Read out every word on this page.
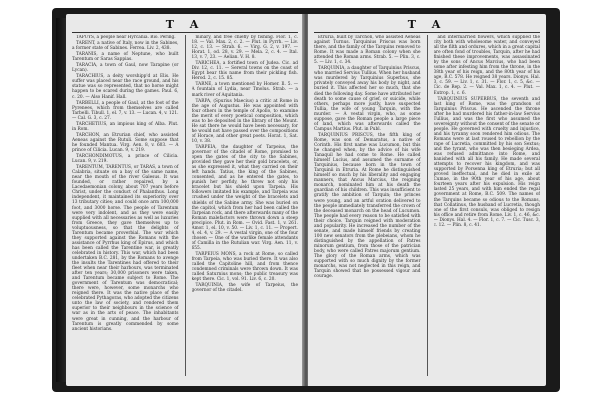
T A

TAPUYS, a people near Hyrcania. Bio. Pering.

TARENT, a native of Italy, now in the Sabines, a former state of Sabines. Ferrea. Liv. 2, 438.

TARANIS, a name of Neptune, who built Tarentum or Saras Sappias.

TARACIA, a town of Gaul, now Tarapine (or Lycan).

TARACHIUS, a deity worshipp'd at Elis. He suffer was placed near the race ground, and his statue was so represented, that no horse might happen to be scared during the games. Paul. 6, c. 20. — Also Hanif. Hall.

TARBELLI, a people of Gaul, at the foot of the Pyrenees, which from themselves are called Tarbelli. Tibull. 1, el. 7, v. 13. — Lucan. 4, v. 121. — Cal. G. 3, c. 27.

TARCHETIUS, an impious king of Alba. Plut. in Rom.

TARCHON, an Etrurian chief, who assisted Aeneas against the Rutuli. Some suppose that he founded Mantua. Virg. Aen. 8, v. 603. — A prince of Cilicia. Lucan. 9, v. 219.

TARCHONDIMOTUS, a prince of Cilicia. Lucan. 9, v. 219.

TARENTUM, TARENTUS, or TARAS, a town of Calabria, situate on a bay of the same name, near the mouth of the river Galesus. It was founded, or rather repaired, by a Lacedaemonian colony, about 707 years before Christ, under the conduct of Phalanthus. Long independent, it maintained its superiority over 13 tributary cities; and could once arm 100,000 foot, and 3000 horse. The people of Tarentum were very indolent, and as they were easily supplied with all necessaries as well as luxuries from Greece, they gave themselves up to voluptuousness, so that the delights of Tarentum became proverbial. The war which they supported against the Romans with the assistance of Pyrrhus king of Epirus, and which has been called the Tarentine war, is greatly celebrated in history. This war, which had been undertaken B.C. 281, by the Romans to avenge the insults the Tarentines had offered to their fleet when near their harbours, was terminated after ten years; 30,000 prisoners were taken, and Tarentum became subject to Rome. The government of Tarentum was democratical; there were, however, some monarchs who reigned there. It was the native place of the celebrated Pythagoras, who adopted the citizens unto the law of society, and rendered them superior to their neighbours in the science of war as in the arts of peace. The inhabitants were great in cunning, and the harbour of Tarentum is greatly commended by some ancient historians.

minary, and free chiefly by fishing. Flor. 1, c. 18. — Val. Max. 2, c. 2. — Plut. in Pyrrh. — Liv. 12, c. 13. — Strab. 6. — Virg. G. 2, v. 197. — Horat. 1, od. 28, v. 29. — Mela. 2, c. 4. — Ital. 13, v. 7, 23. — Aelian. V. H. 8.

TARICHEA, a fortified town of Judea. Cic. ad Div. 12, c. 11. — Sereral towns on the coast of Egypt bear this name from their pickling fish. Herod. 2, c. 15. 85.

TARNE, a town mentioned by Homer. Il. 5. — A fountain of Lydia, near Tmolus. Strab. — a mark river of Aquitania.

TARPA, (Spurius Maecius) a critic at Rome in the age of Augustus. He was appointed with four others in the temple of Apollo, to examine the merit of every poetical composition, which was to be deposited in the library of the Mount. He sat there he would have been necessary, for he would not have passed over the compositions of Horace, and other great poets. Horat. 1, Sat. 10, v. 38.

TARPEIA, the daughter of Tarpeius, the governor of the citadel of Rome, promised to open the gates of the city to the Sabines, provided they gave her their gold bracelets, or, as she expressed it, what they carried on their left hands. Tatius, the king of the Sabines, consented, and as he entered the gates, to punish her perfidy, he threw not only his bracelet but his shield upon Tarpeia. His followers imitated his example, and Tarpeia was crushed under the weight of the bracelets and shields of the Sabine army. She was buried on the capitol, which from her had been called the Tarpeian rock, and there afterwards many of the Roman malefactors were thrown down a steep precipice. Plut. in Rom. — Ovid. Fast. 1, v. 261. Amor. 1, el. 10, v. 50. — Liv. 1, c. 11. — Propert. 4, el. 4, v. 29. — A vestal virgin, one of the four chosen — One of the warlike female attendants of Camilla in the Rutulian war. Virg. Aen. 11, v. 655.

TARPEIUS MONS, a rock at Rome, so called from Tarpeia, who was buried there. It was also called the Capitoline hill, and from thence condemned criminals were thrown down. It was called Saturnius mons; the public treasury was kept there. Cic. 1, vol. 91. Liv. 6, c. 20.

TARQUINIA, the wife of Tarpeius, the governor of the citadel.

T A

Etruria, built by Tarchon, who assisted Aeneas against Turnus. Tarquinius Priscus was born there, and the family of the Tarquins removed to Rome. It was made a Roman colony when she attended the Roman arms. Strab. 5. — Plin. 3, c. 5. — Liv. 1, c. 34.

TARQUINIA, a daughter of Tarquinius Priscus, who married Servius Tullius. When her husband was murdered by Tarquinius Superbus, she privately conveyed away his body by night, and buried it. This affected her so much, that she died the following day. Some have attributed her death to some cause of grief, or suicide, while others, perhaps more justly, have suspected Tullia, the wife of young Tarquin, with the murder. — A vestal virgin, who, as some suppose, gave the Roman people a large piece of land, which was afterwards called the Campus Martius. Plut. in Publ.

TARQUINIUS PRISCUS, the fifth king of Rome, was son of Demaratus, a native of Corinth. His first name was Lucumon, but this he changed when, by the advice of his wife Tanaquil he had come to Rome. He called himself Lucius, and assumed the surname of Tarquinius, because born in the town of Tarquinii in Etruria. At Rome he distinguished himself so much by his liberality and engaging manners, that Ancus Marcius, the reigning monarch, nominated him at his death the guardian of his children. This was insufficient to gratify the ambition of Tarquin; the princes were young, and an artful oration delivered to the people immediately transferred the crown of the deceased monarch on the head of Lucumon. The people had every reason to be satisfied with their choice. Tarquin reigned with moderation and popularity. He increased the number of the senate, and made himself friends by creating 100 new senators from the plebeians, whom he distinguished by the appellation of Patres minorum gentium, from those of the patrician body, who were called Patres majorum gentium. The glory of the Roman arms, which was supported with so much dignity by the former monarchs, was not neglected in this reign, and Tarquin showed that he possessed vigour and courage.

and intermarried flowers, which supplied the city both with wholesome water, and conveyed all the filth and ordures, which in a great capital are often fond of troubles, Tarquin, after he had finished these improvements, was assassinated by the sons of Ancus Marcius, who had been some after infesting him from the throne, in the 38th year of his reign, and the 80th year of his age, B.C. 578. He reigned 38 years. Dionys. Hal. 3, c. 59. — Liv. 1, c. 31. — Flor. 1, c. 5, &c. — Cic. de Rep. 2. — Val. Max. 1, c. 4. — Plut. — Eutrop. 1, c. 6.

TARQUINIUS SUPERBUS, the seventh and last king of Rome, was the grandson of Tarquinius Priscus. He ascended the throne after he had murdered his father-in-law Servius Tullius, and was the first who assumed the sovereignty without the consent of the senate or people. He governed with cruelty and injustice, and his tyranny soon rendered him odious. The Romans were at last roused to rebellion by the rape of Lucretia, committed by his son Sextus; and the tyrant, who was then besieging Ardea, was refused admittance into Rome, and banished with all his family. He made several attempts to recover his kingdom, and was supported by Porsenna king of Etruria; but all proved ineffectual, and he died in exile at Cumae, in the 90th year of his age, about fourteen years after his expulsion. His reign lasted 25 years, and with him ended the regal government at Rome, B.C. 509. The names of the Tarquins became so odious to the Romans, that Collatinus, the husband of Lucretia, though one of the first consuls, was obliged to resign his office and retire from Rome. Liv. 1, c. 46, &c. — Dionys. Hal. 4. — Flor. 1, c. 7. — Cic. Tusc. 3, c. 12. — Plin. 8, c. 41.
